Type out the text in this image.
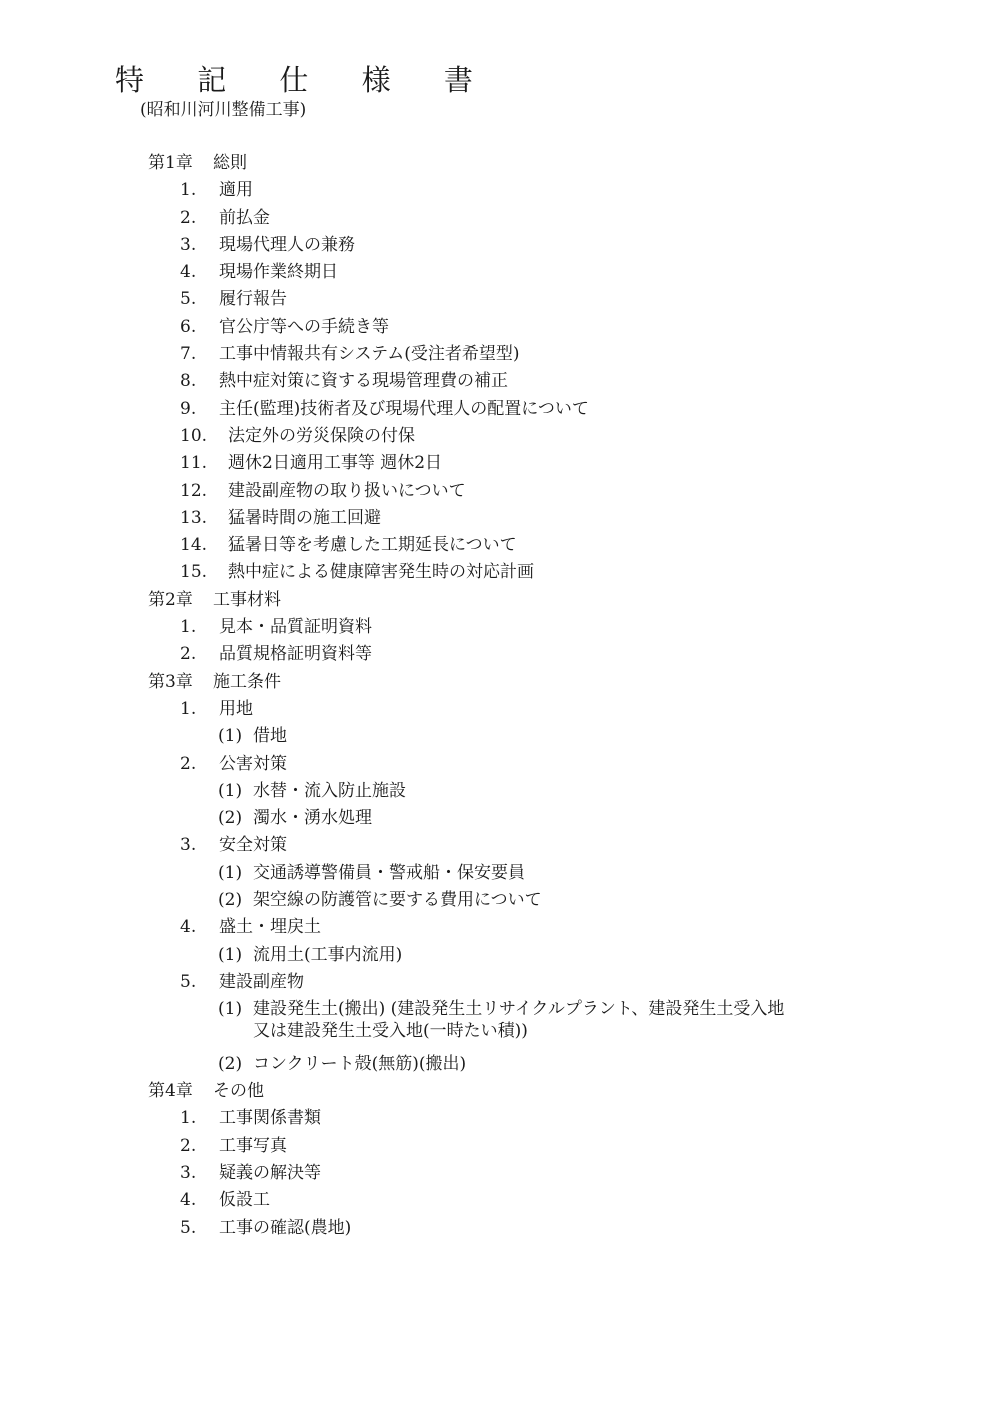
特 記 仕 様 書
(昭和川河川整備工事)
第1章 総則
1. 適用
2. 前払金
3. 現場代理人の兼務
4. 現場作業終期日
5. 履行報告
6. 官公庁等への手続き等
7. 工事中情報共有システム(受注者希望型)
8. 熱中症対策に資する現場管理費の補正
9. 主任(監理)技術者及び現場代理人の配置について
10. 法定外の労災保険の付保
11. 週休2日適用工事等 週休2日
12. 建設副産物の取り扱いについて
13. 猛暑時間の施工回避
14. 猛暑日等を考慮した工期延長について
15. 熱中症による健康障害発生時の対応計画
第2章 工事材料
1. 見本・品質証明資料
2. 品質規格証明資料等
第3章 施工条件
1. 用地
(1) 借地
2. 公害対策
(1) 水替・流入防止施設
(2) 濁水・湧水処理
3. 安全対策
(1) 交通誘導警備員・警戒船・保安要員
(2) 架空線の防護管に要する費用について
4. 盛土・埋戻土
(1) 流用土(工事内流用)
5. 建設副産物
(1) 建設発生土(搬出) (建設発生土リサイクルプラント、建設発生土受入地
又は建設発生土受入地(一時たい積))
(2) コンクリート殻(無筋)(搬出)
第4章 その他
1. 工事関係書類
2. 工事写真
3. 疑義の解決等
4. 仮設工
5. 工事の確認(農地)
